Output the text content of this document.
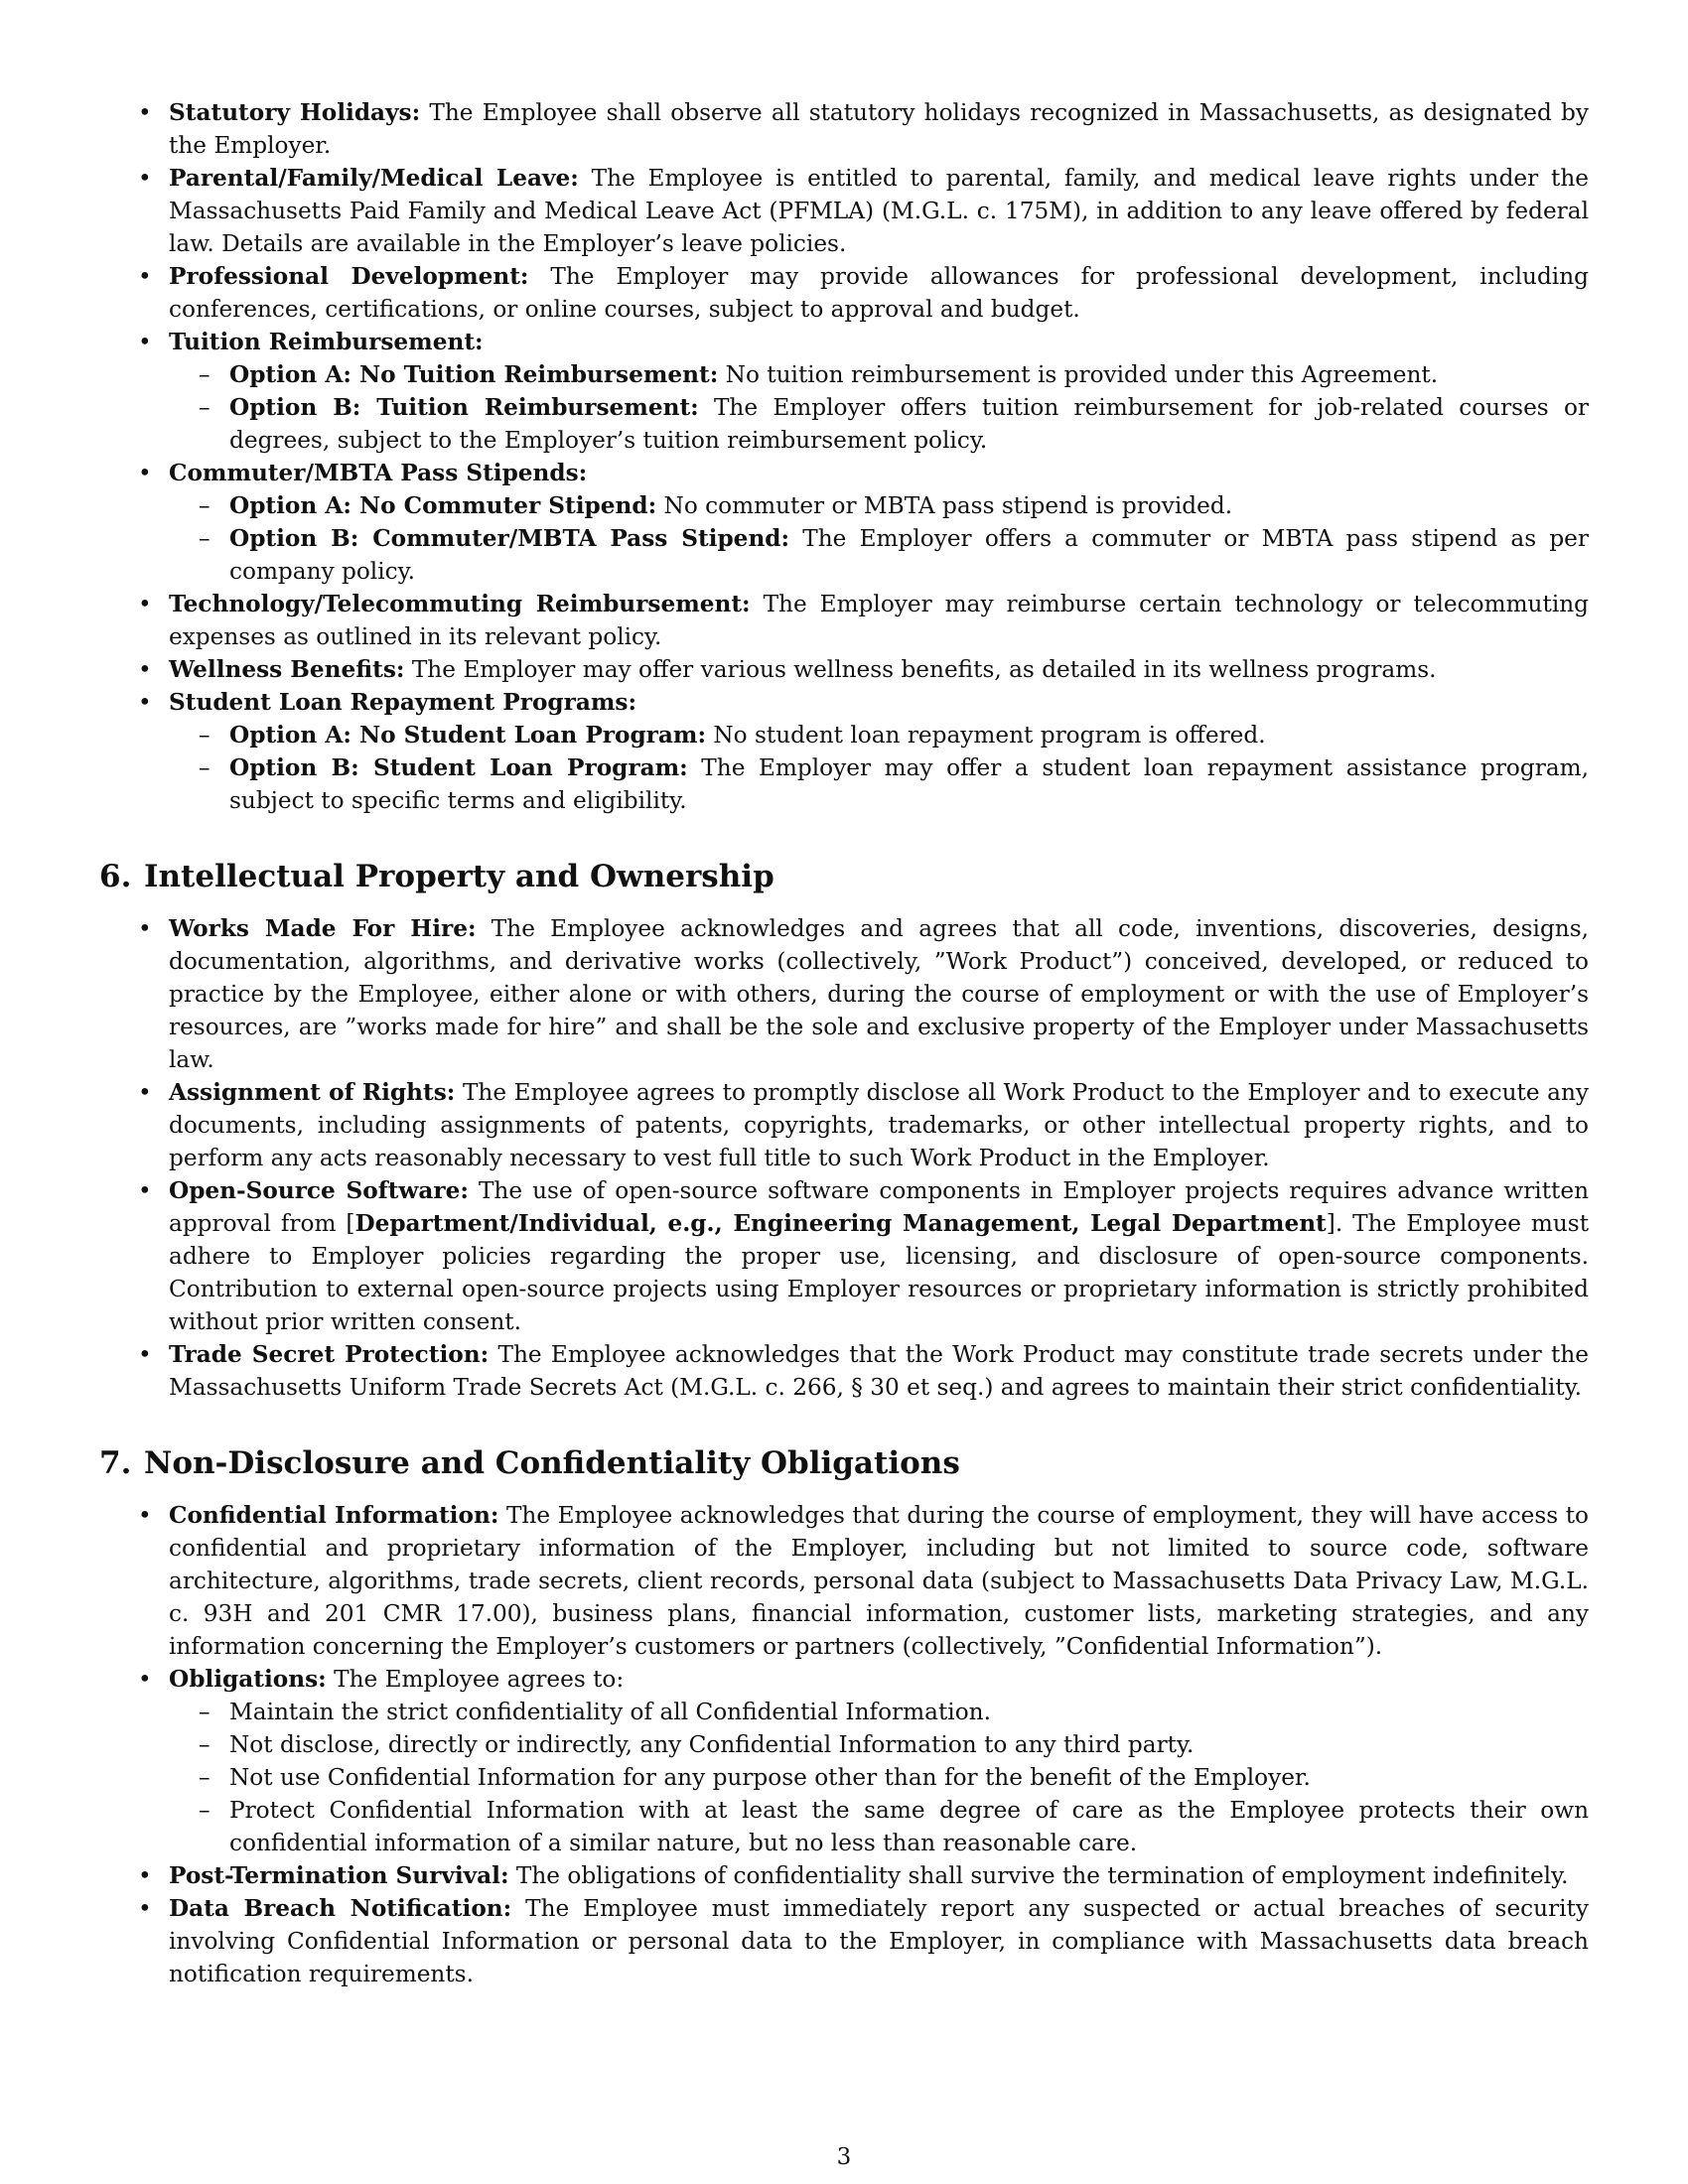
• Statutory Holidays: The Employee shall observe all statutory holidays recognized in Massachusetts, as designated by the Employer.
• Parental/Family/Medical Leave: The Employee is entitled to parental, family, and medical leave rights under the Massachusetts Paid Family and Medical Leave Act (PFMLA) (M.G.L. c. 175M), in addition to any leave offered by federal law. Details are available in the Employer’s leave policies.
• Professional Development: The Employer may provide allowances for professional development, including conferences, certifications, or online courses, subject to approval and budget.
• Tuition Reimbursement:
– Option A: No Tuition Reimbursement: No tuition reimbursement is provided under this Agreement.
– Option B: Tuition Reimbursement: The Employer offers tuition reimbursement for job-related courses or degrees, subject to the Employer’s tuition reimbursement policy.
• Commuter/MBTA Pass Stipends:
– Option A: No Commuter Stipend: No commuter or MBTA pass stipend is provided.
– Option B: Commuter/MBTA Pass Stipend: The Employer offers a commuter or MBTA pass stipend as per company policy.
• Technology/Telecommuting Reimbursement: The Employer may reimburse certain technology or telecommuting expenses as outlined in its relevant policy.
• Wellness Benefits: The Employer may offer various wellness benefits, as detailed in its wellness programs.
• Student Loan Repayment Programs:
– Option A: No Student Loan Program: No student loan repayment program is offered.
– Option B: Student Loan Program: The Employer may offer a student loan repayment assistance program, subject to specific terms and eligibility.
6. Intellectual Property and Ownership
• Works Made For Hire: The Employee acknowledges and agrees that all code, inventions, discoveries, designs, documentation, algorithms, and derivative works (collectively, ”Work Product”) conceived, developed, or reduced to practice by the Employee, either alone or with others, during the course of employment or with the use of Employer’s resources, are ”works made for hire” and shall be the sole and exclusive property of the Employer under Massachusetts law.
• Assignment of Rights: The Employee agrees to promptly disclose all Work Product to the Employer and to execute any documents, including assignments of patents, copyrights, trademarks, or other intellectual property rights, and to perform any acts reasonably necessary to vest full title to such Work Product in the Employer.
• Open-Source Software: The use of open-source software components in Employer projects requires advance written approval from [Department/Individual, e.g., Engineering Management, Legal Department]. The Employee must adhere to Employer policies regarding the proper use, licensing, and disclosure of open-source components. Contribution to external open-source projects using Employer resources or proprietary information is strictly prohibited without prior written consent.
• Trade Secret Protection: The Employee acknowledges that the Work Product may constitute trade secrets under the Massachusetts Uniform Trade Secrets Act (M.G.L. c. 266, § 30 et seq.) and agrees to maintain their strict confidentiality.
7. Non-Disclosure and Confidentiality Obligations
• Confidential Information: The Employee acknowledges that during the course of employment, they will have access to confidential and proprietary information of the Employer, including but not limited to source code, software architecture, algorithms, trade secrets, client records, personal data (subject to Massachusetts Data Privacy Law, M.G.L. c. 93H and 201 CMR 17.00), business plans, financial information, customer lists, marketing strategies, and any information concerning the Employer’s customers or partners (collectively, ”Confidential Information”).
• Obligations: The Employee agrees to:
– Maintain the strict confidentiality of all Confidential Information.
– Not disclose, directly or indirectly, any Confidential Information to any third party.
– Not use Confidential Information for any purpose other than for the benefit of the Employer.
– Protect Confidential Information with at least the same degree of care as the Employee protects their own confidential information of a similar nature, but no less than reasonable care.
• Post-Termination Survival: The obligations of confidentiality shall survive the termination of employment indefinitely.
• Data Breach Notification: The Employee must immediately report any suspected or actual breaches of security involving Confidential Information or personal data to the Employer, in compliance with Massachusetts data breach notification requirements.
3
